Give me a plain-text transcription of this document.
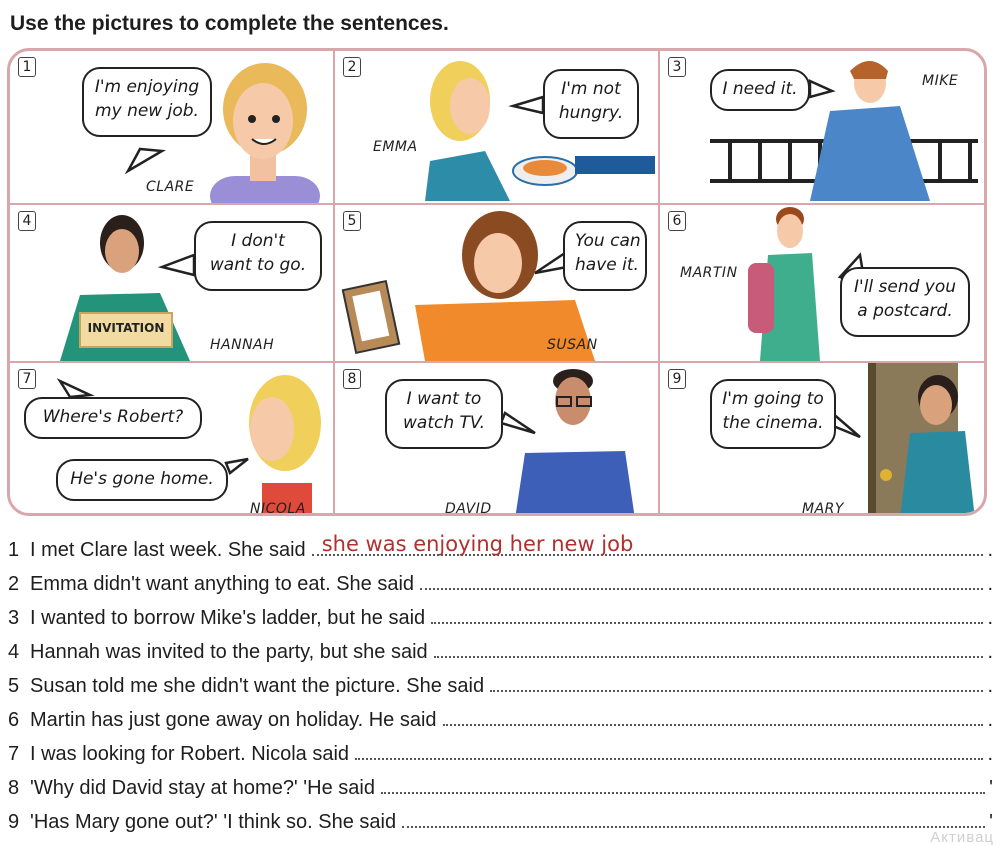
Use the pictures to complete the sentences.
1
I'm enjoying
my new job.
CLARE
2
I'm not
hungry.
EMMA
3
I need it.	MIKE
4
I don't
want to go.
INVITATION
HANNAH
5
You can
have it.
SUSAN
6
I'll send you
a postcard.
MARTIN
7
Where's Robert?
He's gone home.
NICOLA
8
I want to
watch TV.
DAVID
9
I'm going to
the cinema.
MARY
1 I met Clare last week. She said she was enjoying her new job	.
2 Emma didn't want anything to eat. She said	.
3 I wanted to borrow Mike's ladder, but he said	.
4 Hannah was invited to the party, but she said	.
5 Susan told me she didn't want the picture. She said	.
6 Martin has just gone away on holiday. He said	.
7 I was looking for Robert. Nicola said	.
8 'Why did David stay at home?' 'He said	'
9 'Has Mary gone out?' 'I think so. She said	'
Активац
